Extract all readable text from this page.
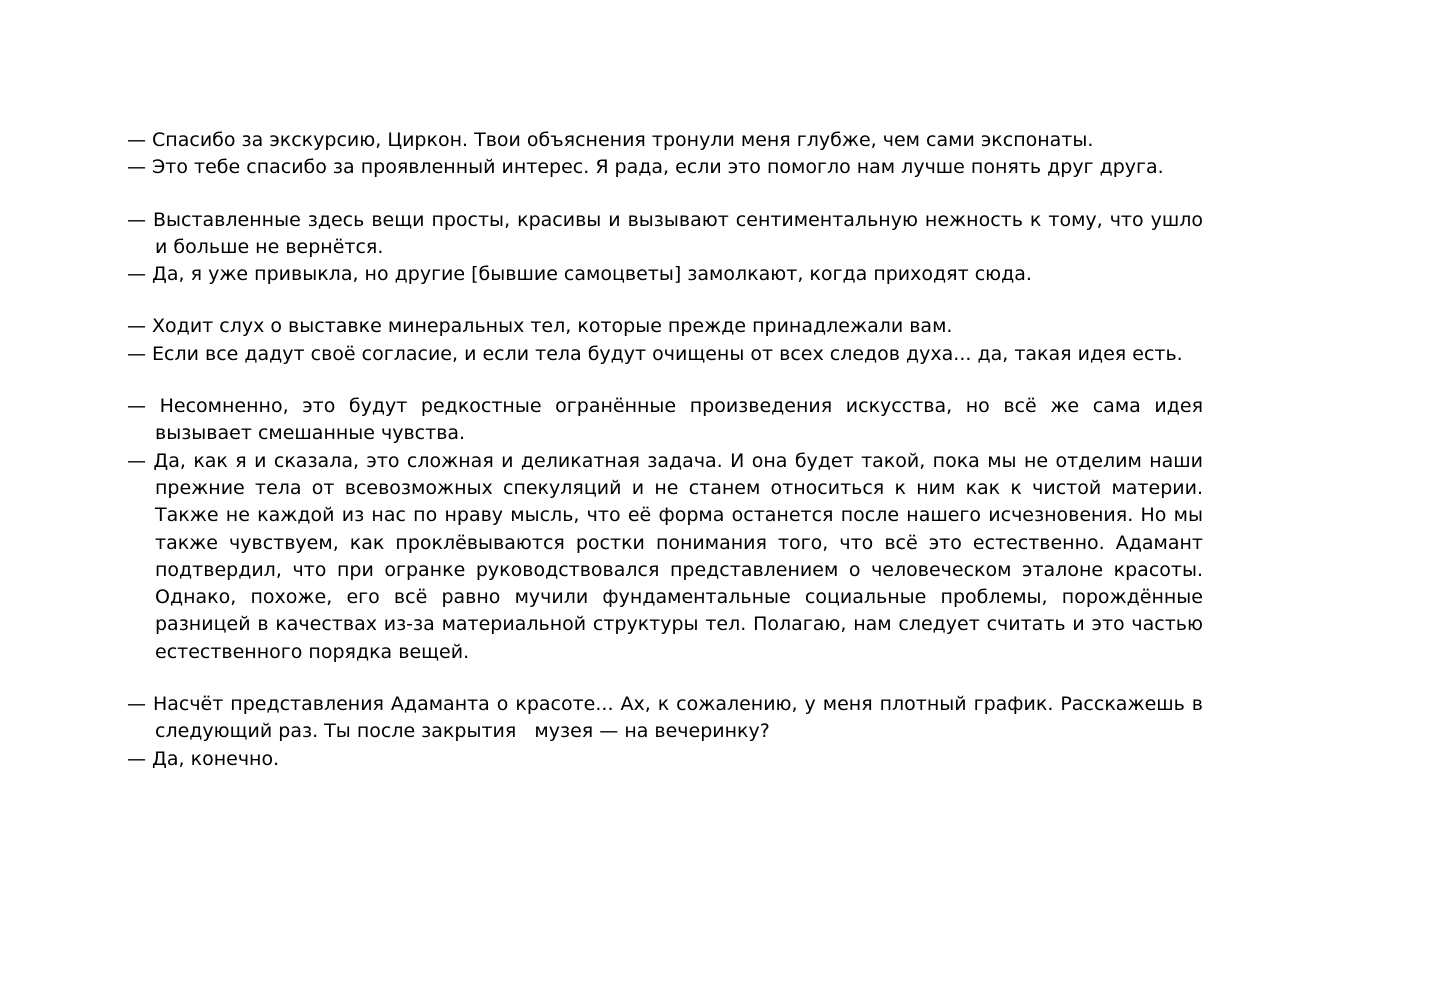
— Спасибо за экскурсию, Циркон. Твои объяснения тронули меня глубже, чем сами экспонаты.

— Это тебе спасибо за проявленный интерес. Я рада, если это помогло нам лучше понять друг друга.

— Выставленные здесь вещи просты, красивы и вызывают сентиментальную нежность к тому, что ушло и больше не вернётся.

— Да, я уже привыкла, но другие [бывшие самоцветы] замолкают, когда приходят сюда.

— Ходит слух о выставке минеральных тел, которые прежде принадлежали вам.

— Если все дадут своё согласие, и если тела будут очищены от всех следов духа... да, такая идея есть.

— Несомненно, это будут редкостные огранённые произведения искусства, но всё же сама идея вызывает смешанные чувства.

— Да, как я и сказала, это сложная и деликатная задача. И она будет такой, пока мы не отделим наши прежние тела от всевозможных спекуляций и не станем относиться к ним как к чистой материи. Также не каждой из нас по нраву мысль, что её форма останется после нашего исчезновения. Но мы также чувствуем, как проклёвываются ростки понимания того, что всё это естественно. Адамант подтвердил, что при огранке руководствовался представлением о человеческом эталоне красоты. Однако, похоже, его всё равно мучили фундаментальные социальные проблемы, порождённые разницей в качествах из-за материальной структуры тел. Полагаю, нам следует считать и это частью естественного порядка вещей.

— Насчёт представления Адаманта о красоте... Ах, к сожалению, у меня плотный график. Расскажешь в следующий раз. Ты после закрытия   музея — на вечеринку?

— Да, конечно.
